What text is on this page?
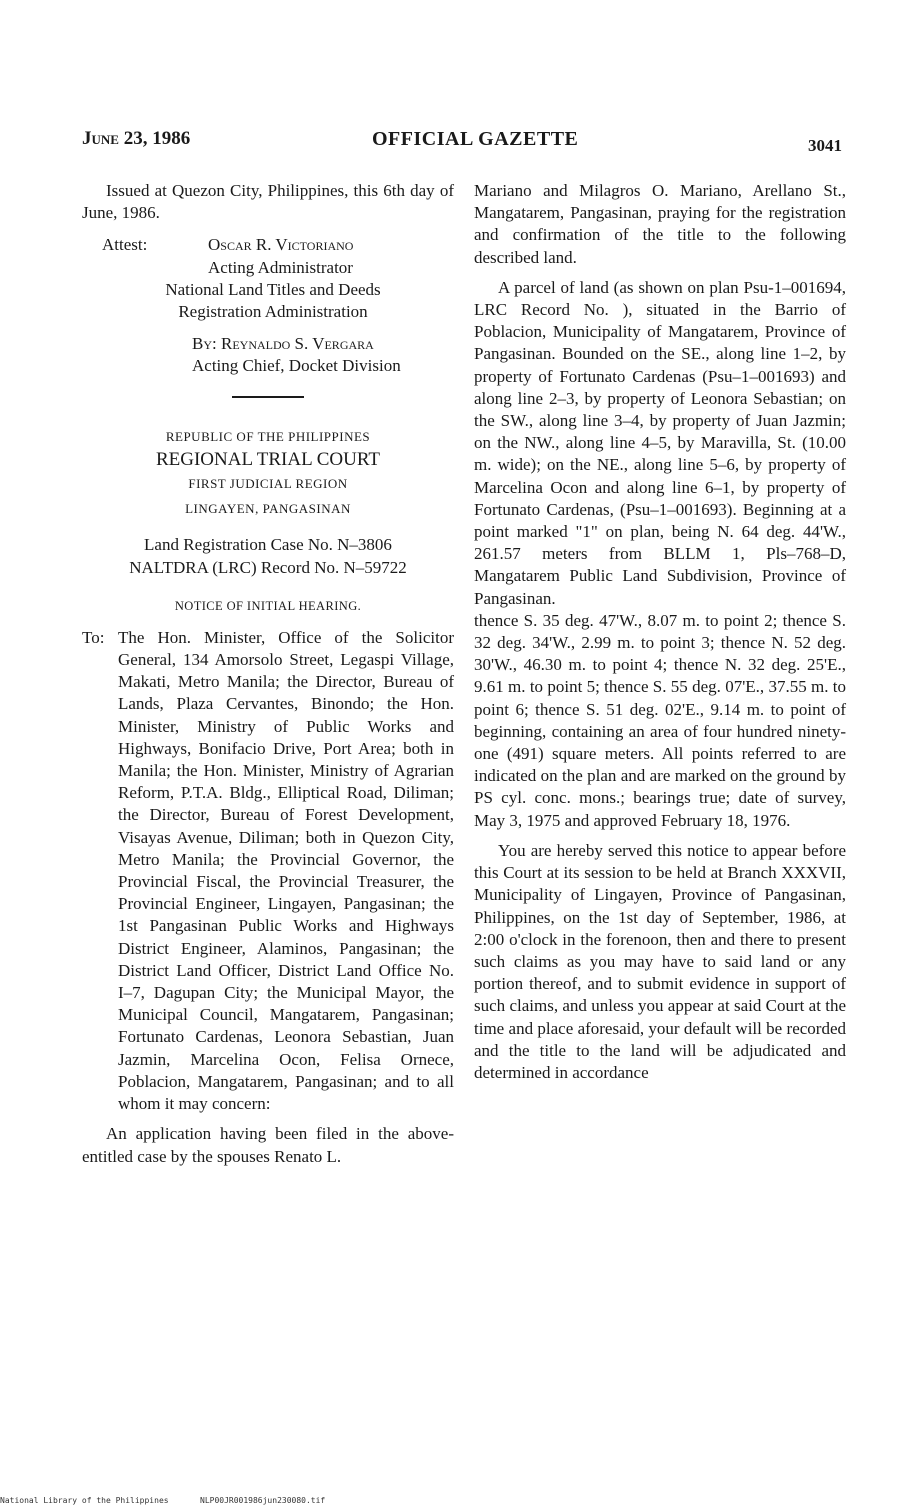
June 23, 1986	OFFICIAL GAZETTE	3041

Issued at Quezon City, Philippines, this 6th day of June, 1986.

Attest:	Oscar R. Victoriano
Acting Administrator
National Land Titles and Deeds
Registration Administration
By: Reynaldo S. Vergara
Acting Chief, Docket Division
REPUBLIC OF THE PHILIPPINES
REGIONAL TRIAL COURT
FIRST JUDICIAL REGION
LINGAYEN, PANGASINAN
Land Registration Case No. N–3806
NALTDRA (LRC) Record No. N–59722
NOTICE OF INITIAL HEARING.
To: The Hon. Minister, Office of the Solicitor General, 134 Amorsolo Street, Legaspi Village, Makati, Metro Manila; the Director, Bureau of Lands, Plaza Cervantes, Binondo; the Hon. Minister, Ministry of Public Works and Highways, Bonifacio Drive, Port Area; both in Manila; the Hon. Minister, Ministry of Agrarian Reform, P.T.A. Bldg., Elliptical Road, Diliman; the Director, Bureau of Forest Development, Visayas Avenue, Diliman; both in Quezon City, Metro Manila; the Provincial Governor, the Provincial Fiscal, the Provincial Treasurer, the Provincial Engineer, Lingayen, Pangasinan; the 1st Pangasinan Public Works and Highways District Engineer, Alaminos, Pangasinan; the District Land Officer, District Land Office No. I–7, Dagupan City; the Municipal Mayor, the Municipal Council, Mangatarem, Pangasinan; Fortunato Cardenas, Leonora Sebastian, Juan Jazmin, Marcelina Ocon, Felisa Ornece, Poblacion, Mangatarem, Pangasinan; and to all whom it may concern:

An application having been filed in the above-entitled case by the spouses Renato L.

Mariano and Milagros O. Mariano, Arellano St., Mangatarem, Pangasinan, praying for the registration and confirmation of the title to the following described land.

A parcel of land (as shown on plan Psu-1–001694, LRC Record No. ), situated in the Barrio of Poblacion, Municipality of Mangatarem, Province of Pangasinan. Bounded on the SE., along line 1–2, by property of Fortunato Cardenas (Psu–1–001693) and along line 2–3, by property of Leonora Sebastian; on the SW., along line 3–4, by property of Juan Jazmin; on the NW., along line 4–5, by Maravilla, St. (10.00 m. wide); on the NE., along line 5–6, by property of Marcelina Ocon and along line 6–1, by property of Fortunato Cardenas, (Psu–1–001693). Beginning at a point marked "1" on plan, being N. 64 deg. 44'W., 261.57 meters from BLLM 1, Pls–768–D, Mangatarem Public Land Subdivision, Province of Pangasinan.

thence S. 35 deg. 47'W., 8.07 m. to point 2; thence S. 32 deg. 34'W., 2.99 m. to point 3; thence N. 52 deg. 30'W., 46.30 m. to point 4; thence N. 32 deg. 25'E., 9.61 m. to point 5; thence S. 55 deg. 07'E., 37.55 m. to point 6; thence S. 51 deg. 02'E., 9.14 m. to point of beginning, containing an area of four hundred ninety-one (491) square meters. All points referred to are indicated on the plan and are marked on the ground by PS cyl. conc. mons.; bearings true; date of survey, May 3, 1975 and approved February 18, 1976.

You are hereby served this notice to appear before this Court at its session to be held at Branch XXXVII, Municipality of Lingayen, Province of Pangasinan, Philippines, on the 1st day of September, 1986, at 2:00 o'clock in the forenoon, then and there to present such claims as you may have to said land or any portion thereof, and to submit evidence in support of such claims, and unless you appear at said Court at the time and place aforesaid, your default will be recorded and the title to the land will be adjudicated and determined in accordance

National Library of the Philippines	NLP00JR001986jun230080.tif
